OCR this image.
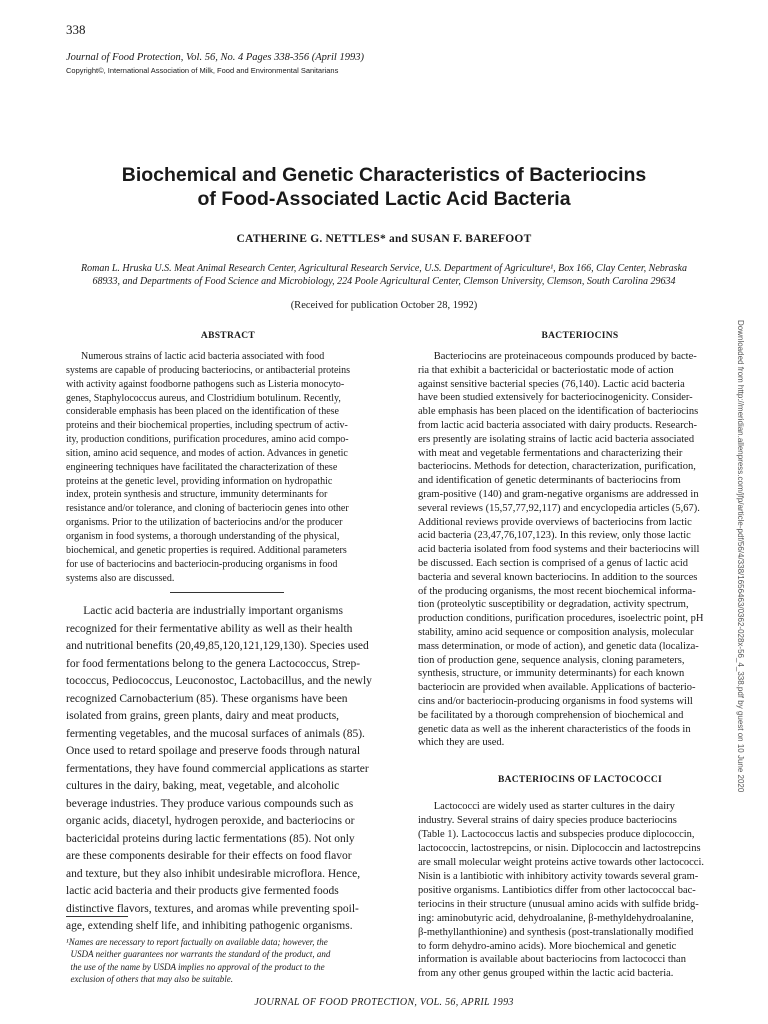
338
Journal of Food Protection, Vol. 56, No. 4 Pages 338-356 (April 1993)
Copyright©, International Association of Milk, Food and Environmental Sanitarians
Biochemical and Genetic Characteristics of Bacteriocins
of Food-Associated Lactic Acid Bacteria
CATHERINE G. NETTLES* and SUSAN F. BAREFOOT
Roman L. Hruska U.S. Meat Animal Research Center, Agricultural Research Service, U.S. Department of Agriculture¹, Box 166, Clay Center, Nebraska
68933, and Departments of Food Science and Microbiology, 224 Poole Agricultural Center, Clemson University, Clemson, South Carolina 29634
(Received for publication October 28, 1992)
ABSTRACT
Numerous strains of lactic acid bacteria associated with food
systems are capable of producing bacteriocins, or antibacterial proteins
with activity against foodborne pathogens such as Listeria monocyto-
genes, Staphylococcus aureus, and Clostridium botulinum. Recently,
considerable emphasis has been placed on the identification of these
proteins and their biochemical properties, including spectrum of activ-
ity, production conditions, purification procedures, amino acid compo-
sition, amino acid sequence, and modes of action. Advances in genetic
engineering techniques have facilitated the characterization of these
proteins at the genetic level, providing information on hydropathic
index, protein synthesis and structure, immunity determinants for
resistance and/or tolerance, and cloning of bacteriocin genes into other
organisms. Prior to the utilization of bacteriocins and/or the producer
organism in food systems, a thorough understanding of the physical,
biochemical, and genetic properties is required. Additional parameters
for use of bacteriocins and bacteriocin-producing organisms in food
systems also are discussed.
Lactic acid bacteria are industrially important organisms
recognized for their fermentative ability as well as their health
and nutritional benefits (20,49,85,120,121,129,130). Species used
for food fermentations belong to the genera Lactococcus, Strep-
tococcus, Pediococcus, Leuconostoc, Lactobacillus, and the newly
recognized Carnobacterium (85). These organisms have been
isolated from grains, green plants, dairy and meat products,
fermenting vegetables, and the mucosal surfaces of animals (85).
Once used to retard spoilage and preserve foods through natural
fermentations, they have found commercial applications as starter
cultures in the dairy, baking, meat, vegetable, and alcoholic
beverage industries. They produce various compounds such as
organic acids, diacetyl, hydrogen peroxide, and bacteriocins or
bactericidal proteins during lactic fermentations (85). Not only
are these components desirable for their effects on food flavor
and texture, but they also inhibit undesirable microflora. Hence,
lactic acid bacteria and their products give fermented foods
distinctive flavors, textures, and aromas while preventing spoil-
age, extending shelf life, and inhibiting pathogenic organisms.
¹Names are necessary to report factually on available data; however, the
USDA neither guarantees nor warrants the standard of the product, and
the use of the name by USDA implies no approval of the product to the
exclusion of others that may also be suitable.
BACTERIOCINS
Bacteriocins are proteinaceous compounds produced by bacte-
ria that exhibit a bactericidal or bacteriostatic mode of action
against sensitive bacterial species (76,140). Lactic acid bacteria
have been studied extensively for bacteriocinogenicity. Consider-
able emphasis has been placed on the identification of bacteriocins
from lactic acid bacteria associated with dairy products. Research-
ers presently are isolating strains of lactic acid bacteria associated
with meat and vegetable fermentations and characterizing their
bacteriocins. Methods for detection, characterization, purification,
and identification of genetic determinants of bacteriocins from
gram-positive (140) and gram-negative organisms are addressed in
several reviews (15,57,77,92,117) and encyclopedia articles (5,67).
Additional reviews provide overviews of bacteriocins from lactic
acid bacteria (23,47,76,107,123). In this review, only those lactic
acid bacteria isolated from food systems and their bacteriocins will
be discussed. Each section is comprised of a genus of lactic acid
bacteria and several known bacteriocins. In addition to the sources
of the producing organisms, the most recent biochemical informa-
tion (proteolytic susceptibility or degradation, activity spectrum,
production conditions, purification procedures, isoelectric point, pH
stability, amino acid sequence or composition analysis, molecular
mass determination, or mode of action), and genetic data (localiza-
tion of production gene, sequence analysis, cloning parameters,
synthesis, structure, or immunity determinants) for each known
bacteriocin are provided when available. Applications of bacterio-
cins and/or bacteriocin-producing organisms in food systems will
be facilitated by a thorough comprehension of biochemical and
genetic data as well as the inherent characteristics of the foods in
which they are used.
BACTERIOCINS OF LACTOCOCCI
Lactococci are widely used as starter cultures in the dairy
industry. Several strains of dairy species produce bacteriocins
(Table 1). Lactococcus lactis and subspecies produce diplococcin,
lactococcin, lactostrepcins, or nisin. Diplococcin and lactostrepcins
are small molecular weight proteins active towards other lactococci.
Nisin is a lantibiotic with inhibitory activity towards several gram-
positive organisms. Lantibiotics differ from other lactococcal bac-
teriocins in their structure (unusual amino acids with sulfide bridg-
ing: aminobutyric acid, dehydroalanine, β-methyldehydroalanine,
β-methyllanthionine) and synthesis (post-translationally modified
to form dehydro-amino acids). More biochemical and genetic
information is available about bacteriocins from lactococci than
from any other genus grouped within the lactic acid bacteria.
Downloaded from http://meridian.allenpress.com/jfp/article-pdf/56/4/338/1656463/0362-028x-56_4_338.pdf by guest on 10 June 2020
JOURNAL OF FOOD PROTECTION, VOL. 56, APRIL 1993
